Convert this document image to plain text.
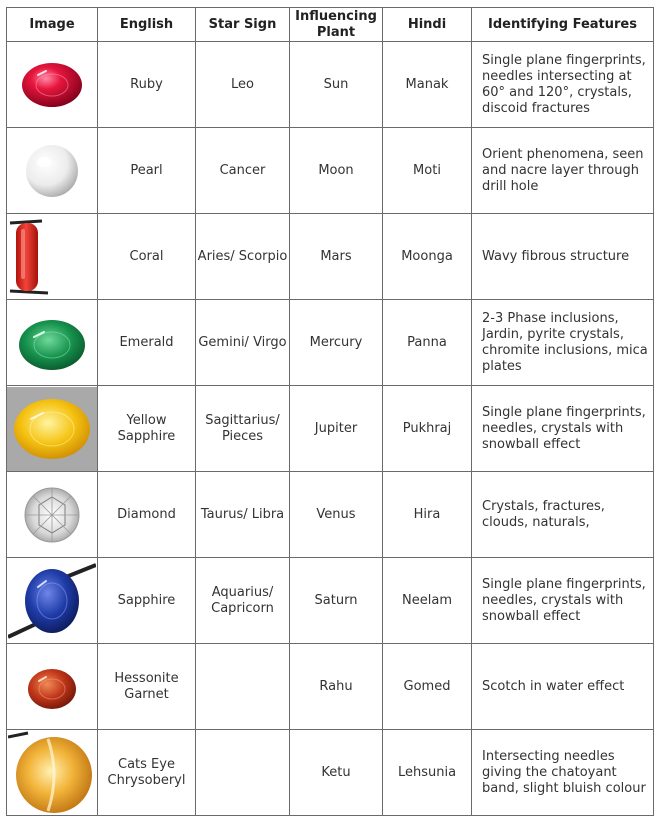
Image	English	Star Sign	Influencing Plant	Hindi	Identifying Features

	Ruby	Leo	Sun	Manak	Single plane fingerprints, needles intersecting at 60° and 120°, crystals, discoid fractures

	Pearl	Cancer	Moon	Moti	Orient phenomena, seen and nacre layer through drill hole

	Coral	Aries/ Scorpio	Mars	Moonga	Wavy fibrous structure

	Emerald	Gemini/ Virgo	Mercury	Panna	2-3 Phase inclusions, Jardin, pyrite crystals, chromite inclusions, mica plates

	Yellow Sapphire	Sagittarius/ Pieces	Jupiter	Pukhraj	Single plane fingerprints, needles, crystals with snowball effect

	Diamond	Taurus/ Libra	Venus	Hira	Crystals, fractures, clouds, naturals,

	Sapphire	Aquarius/ Capricorn	Saturn	Neelam	Single plane fingerprints, needles, crystals with snowball effect

	Hessonite Garnet		Rahu	Gomed	Scotch in water effect

	Cats Eye Chrysoberyl		Ketu	Lehsunia	Intersecting needles giving the chatoyant band, slight bluish colour
